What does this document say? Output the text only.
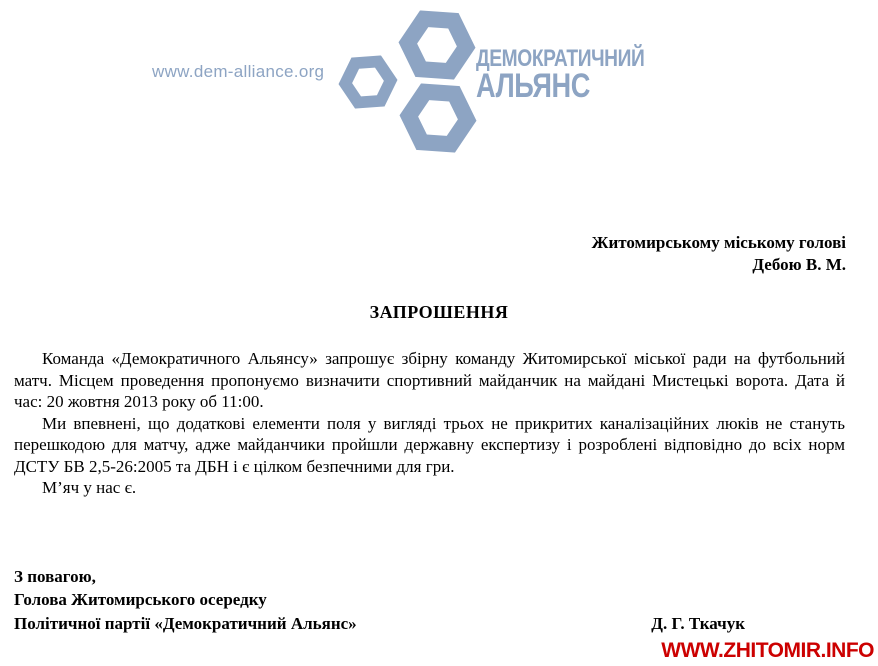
www.dem-alliance.org	ДЕМОКРАТИЧНИЙ
АЛЬЯНС
Житомирському міському голові
Дебою В. М.
ЗАПРОШЕННЯ

Команда «Демократичного Альянсу» запрошує збірну команду Житомирської міської ради на футбольний матч. Місцем проведення пропонуємо визначити спортивний майданчик на майдані Мистецькі ворота. Дата й час: 20 жовтня 2013 року об 11:00.

Ми впевнені, що додаткові елементи поля у вигляді трьох не прикритих каналізаційних люків не стануть перешкодою для матчу, адже майданчики пройшли державну експертизу і розроблені відповідно до всіх норм ДСТУ БВ 2,5-26:2005 та ДБН і є цілком безпечними для гри.

М’яч у нас є.

З повагою,
Голова Житомирського осередку
Політичної партії «Демократичний Альянс»	Д. Г. Ткачук
WWW.ZHITOMIR.INFO
